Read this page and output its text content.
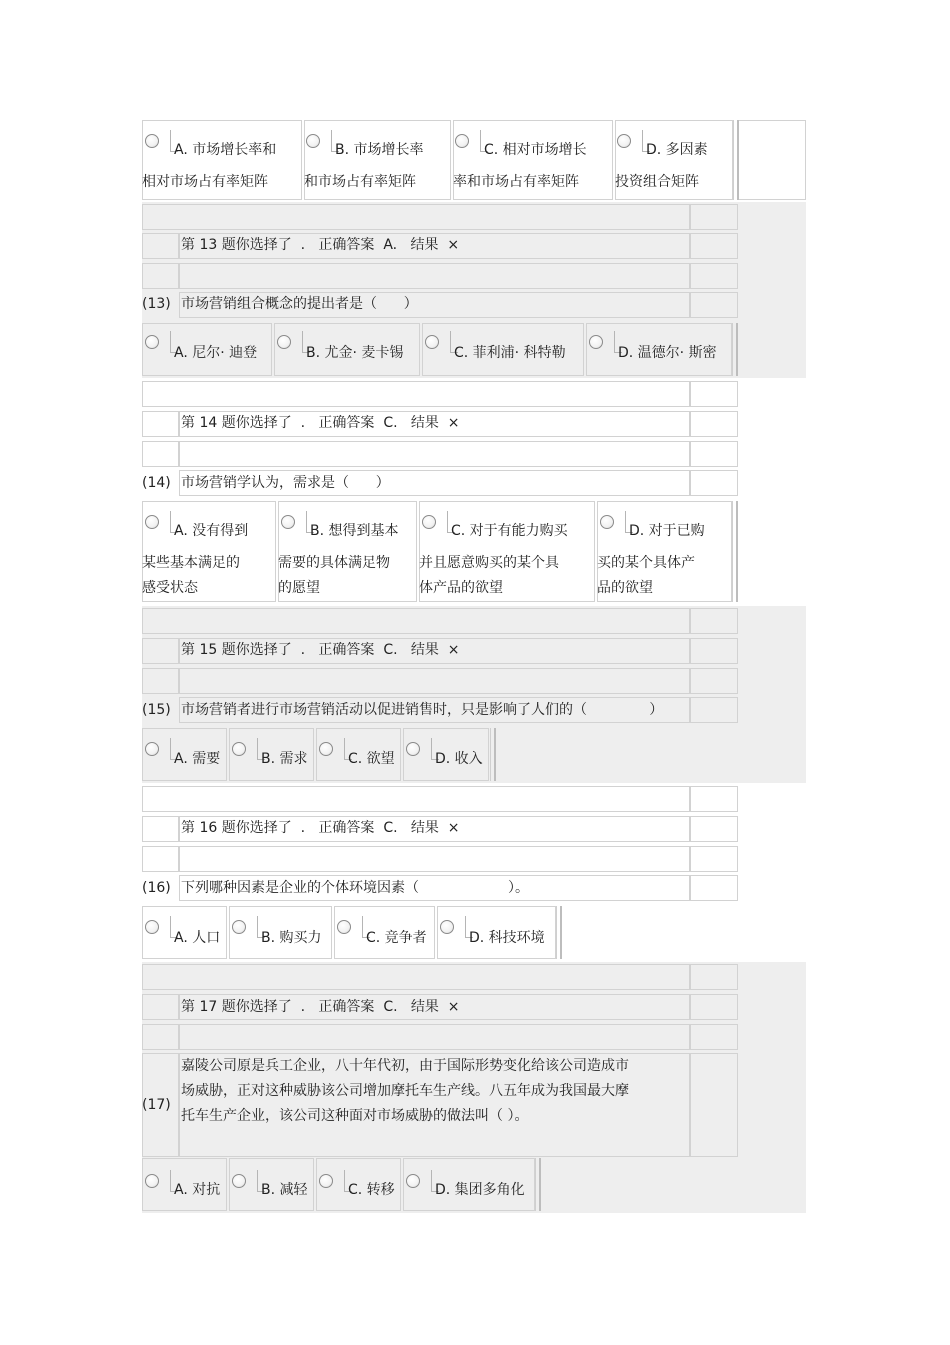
A. 市场增长率和
相对市场占有率矩阵
B. 市场增长率
和市场占有率矩阵
C. 相对市场增长
率和市场占有率矩阵
D. 多因素
投资组合矩阵
第 13 题你选择了  .   正确答案  A.   结果  ×
(13) 市场营销组合概念的提出者是（      ）
A. 尼尔· 迪登	B. 尤金· 麦卡锡	C. 菲利浦· 科特勒	D. 温德尔· 斯密
第 14 题你选择了  .   正确答案  C.   结果  ×
(14) 市场营销学认为，需求是（      ）
A. 没有得到
某些基本满足的
感受状态
B. 想得到基本
需要的具体满足物
的愿望
C. 对于有能力购买
并且愿意购买的某个具
体产品的欲望
D. 对于已购
买的某个具体产
品的欲望
第 15 题你选择了  .   正确答案  C.   结果  ×
(15) 市场营销者进行市场营销活动以促进销售时，只是影响了人们的（              ）
A. 需要	B. 需求	C. 欲望	D. 收入
第 16 题你选择了  .   正确答案  C.   结果  ×
(16) 下列哪种因素是企业的个体环境因素（                    ）。
A. 人口	B. 购买力	C. 竞争者	D. 科技环境
第 17 题你选择了  .   正确答案  C.   结果  ×
(17)
嘉陵公司原是兵工企业，八十年代初，由于国际形势变化给该公司造成市场威胁，正对这种威胁该公司增加摩托车生产线。八五年成为我国最大摩托车生产企业，该公司这种面对市场威胁的做法叫（ ）。
A. 对抗	B. 减轻	C. 转移	D. 集团多角化
